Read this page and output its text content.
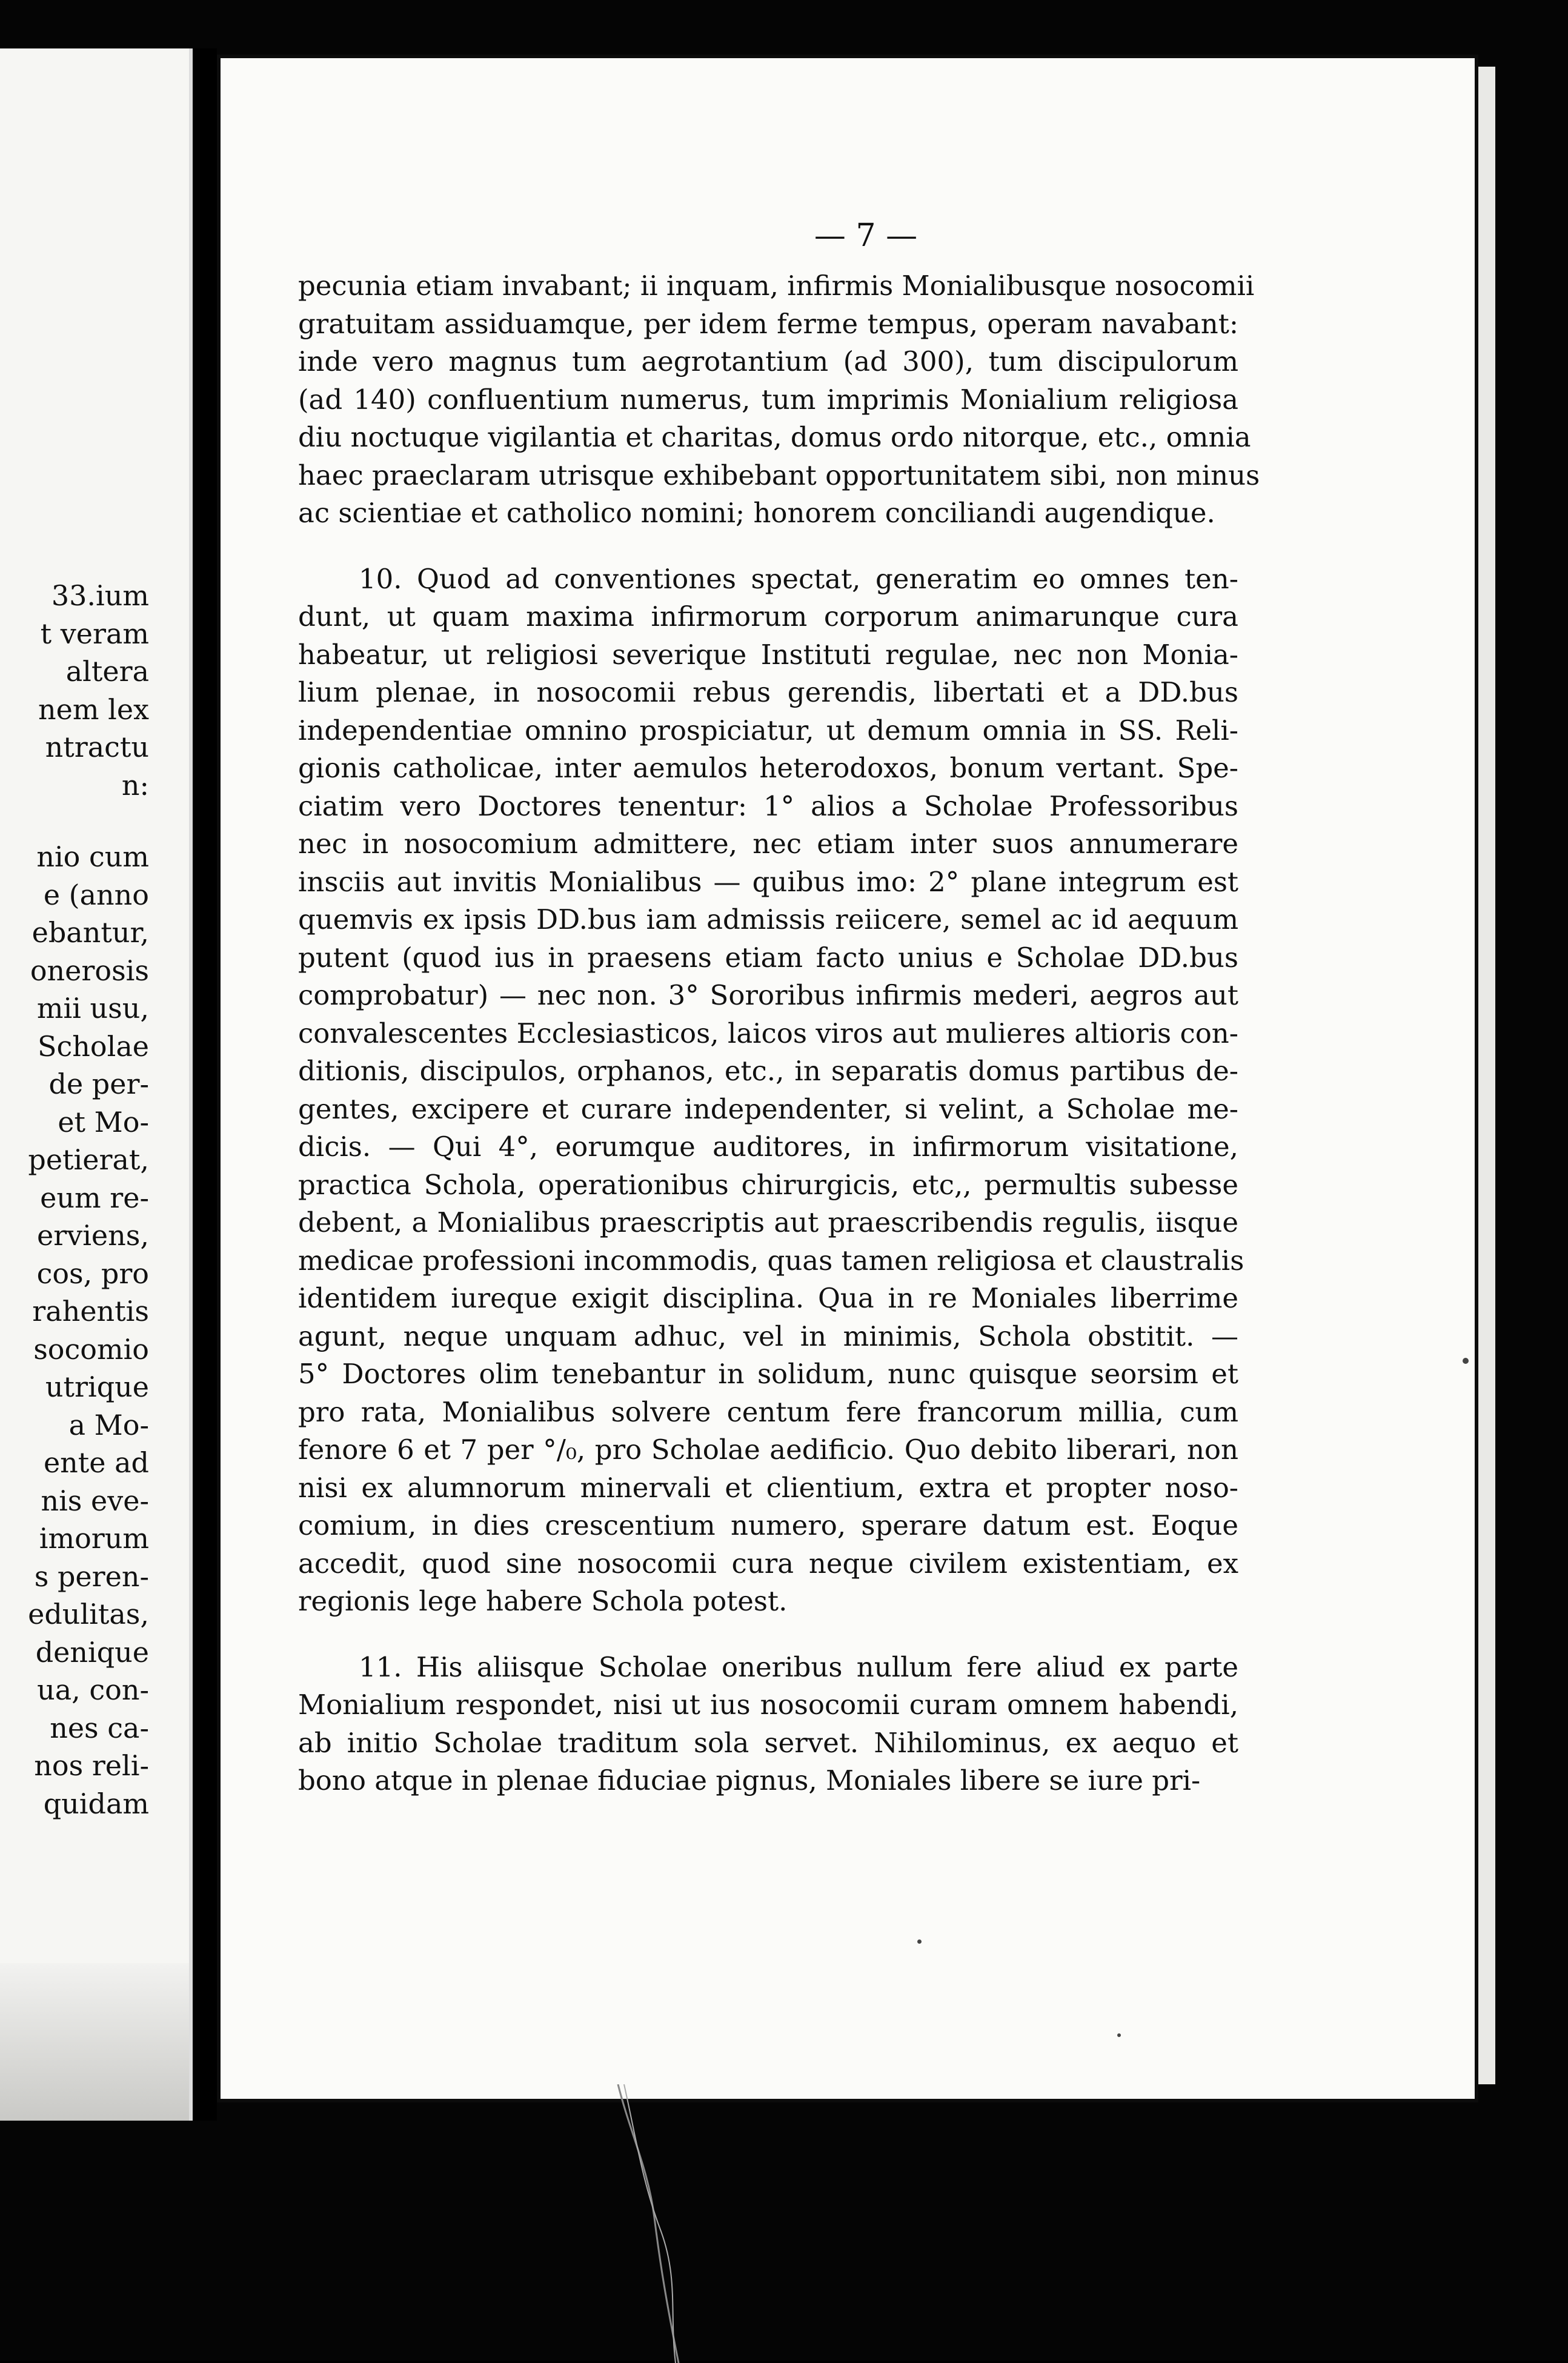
33.ium
t veram
altera
nem lex
ntractu
n:
nio cum
e (anno
ebantur,
onerosis
mii usu,
Scholae
de per-
et Mo-
petierat,
eum re-
erviens,
cos, pro
rahentis
socomio
utrique
a Mo-
ente ad
nis eve-
imorum
s peren-
edulitas,
denique
ua, con-
nes ca-
nos reli-
quidam
— 7 —
pecunia etiam invabant; ii inquam, infirmis Monialibusque nosocomii
gratuitam assiduamque, per idem ferme tempus, operam navabant:
inde vero magnus tum aegrotantium (ad 300), tum discipulorum
(ad 140) confluentium numerus, tum imprimis Monialium religiosa
diu noctuque vigilantia et charitas, domus ordo nitorque, etc., omnia
haec praeclaram utrisque exhibebant opportunitatem sibi, non minus
ac scientiae et catholico nomini; honorem conciliandi augendique.
10. Quod ad conventiones spectat, generatim eo omnes ten-
dunt, ut quam maxima infirmorum corporum animarunque cura
habeatur, ut religiosi severique Instituti regulae, nec non Monia-
lium plenae, in nosocomii rebus gerendis, libertati et a DD.bus
independentiae omnino prospiciatur, ut demum omnia in SS. Reli-
gionis catholicae, inter aemulos heterodoxos, bonum vertant. Spe-
ciatim vero Doctores tenentur: 1° alios a Scholae Professoribus
nec in nosocomium admittere, nec etiam inter suos annumerare
insciis aut invitis Monialibus — quibus imo: 2° plane integrum est
quemvis ex ipsis DD.bus iam admissis reiicere, semel ac id aequum
putent (quod ius in praesens etiam facto unius e Scholae DD.bus
comprobatur) — nec non. 3° Sororibus infirmis mederi, aegros aut
convalescentes Ecclesiasticos, laicos viros aut mulieres altioris con-
ditionis, discipulos, orphanos, etc., in separatis domus partibus de-
gentes, excipere et curare independenter, si velint, a Scholae me-
dicis. — Qui 4°, eorumque auditores, in infirmorum visitatione,
practica Schola, operationibus chirurgicis, etc,, permultis subesse
debent, a Monialibus praescriptis aut praescribendis regulis, iisque
medicae professioni incommodis, quas tamen religiosa et claustralis
identidem iureque exigit disciplina. Qua in re Moniales liberrime
agunt, neque unquam adhuc, vel in minimis, Schola obstitit. —
5° Doctores olim tenebantur in solidum, nunc quisque seorsim et
pro rata, Monialibus solvere centum fere francorum millia, cum
fenore 6 et 7 per °/₀, pro Scholae aedificio. Quo debito liberari, non
nisi ex alumnorum minervali et clientium, extra et propter noso-
comium, in dies crescentium numero, sperare datum est. Eoque
accedit, quod sine nosocomii cura neque civilem existentiam, ex
regionis lege habere Schola potest.
11. His aliisque Scholae oneribus nullum fere aliud ex parte
Monialium respondet, nisi ut ius nosocomii curam omnem habendi,
ab initio Scholae traditum sola servet. Nihilominus, ex aequo et
bono atque in plenae fiduciae pignus, Moniales libere se iure pri-
